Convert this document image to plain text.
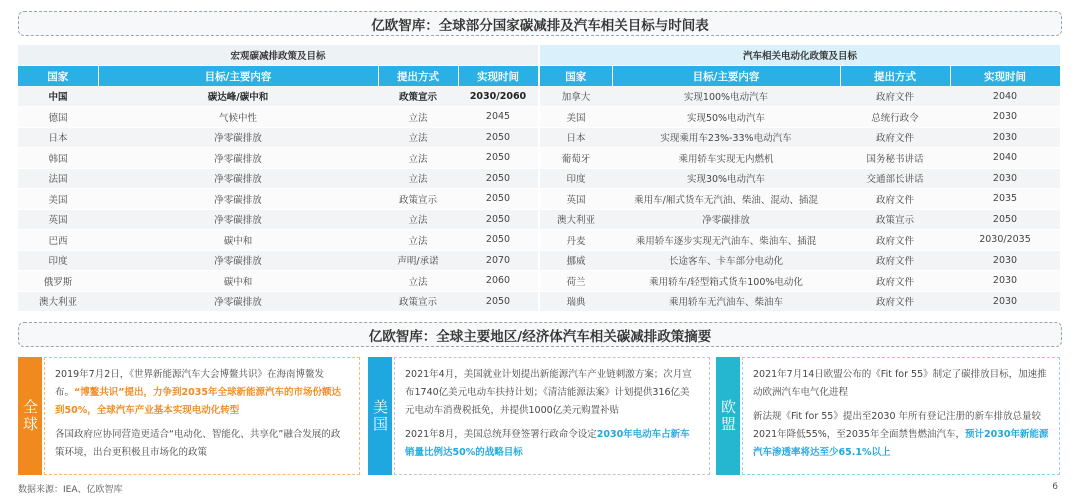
亿欧智库：全球部分国家碳减排及汽车相关目标与时间表
宏观碳减排政策及目标	汽车相关电动化政策及目标
国家	目标/主要内容	提出方式	实现时间
中国	碳达峰/碳中和	政策宣示	2030/2060
德国	气候中性	立法	2045
日本	净零碳排放	立法	2050
韩国	净零碳排放	立法	2050
法国	净零碳排放	立法	2050
美国	净零碳排放	政策宣示	2050
英国	净零碳排放	立法	2050
巴西	碳中和	立法	2050
印度	净零碳排放	声明/承诺	2070
俄罗斯	碳中和	立法	2060
澳大利亚	净零碳排放	政策宣示	2050
国家	目标/主要内容	提出方式	实现时间
加拿大	实现100%电动汽车	政府文件	2040
美国	实现50%电动汽车	总统行政令	2030
日本	实现乘用车23%-33%电动汽车	政府文件	2030
葡萄牙	乘用轿车实现无内燃机	国务秘书讲话	2040
印度	实现30%电动汽车	交通部长讲话	2030
英国	乘用车/厢式货车无汽油、柴油、混动、插混	政府文件	2035
澳大利亚	净零碳排放	政策宣示	2050
丹麦	乘用轿车逐步实现无汽油车、柴油车、插混	政府文件	2030/2035
挪威	长途客车、卡车部分电动化	政府文件	2030
荷兰	乘用轿车/轻型箱式货车100%电动化	政府文件	2030
瑞典	乘用轿车无汽油车、柴油车	政府文件	2030
亿欧智库：全球主要地区/经济体汽车相关碳减排政策摘要
全球

2019年7月2日，《世界新能源汽车大会博鳌共识》在海南博鳌发布。“博鳌共识”提出，力争到2035年全球新能源汽车的市场份额达到50%，全球汽车产业基本实现电动化转型

各国政府应协同营造更适合“电动化、智能化、共享化”融合发展的政策环境，出台更积极且市场化的政策

美国

2021年4月，美国就业计划提出新能源汽车产业链刺激方案；次月宣布1740亿美元电动车扶持计划；《清洁能源法案》计划提供316亿美元电动车消费税抵免，并提供1000亿美元购置补贴

2021年8月，美国总统拜登签署行政命令设定2030年电动车占新车销量比例达50%的战略目标

欧盟

2021年7月14日欧盟公布的《Fit for 55》制定了碳排放目标，加速推动欧洲汽车电气化进程

新法规《Fit for 55》提出至2030 年所有登记注册的新车排放总量较2021年降低55%，至2035年全面禁售燃油汽车，预计2030年新能源汽车渗透率将达至少65.1%以上

数据来源：IEA、亿欧智库	6
